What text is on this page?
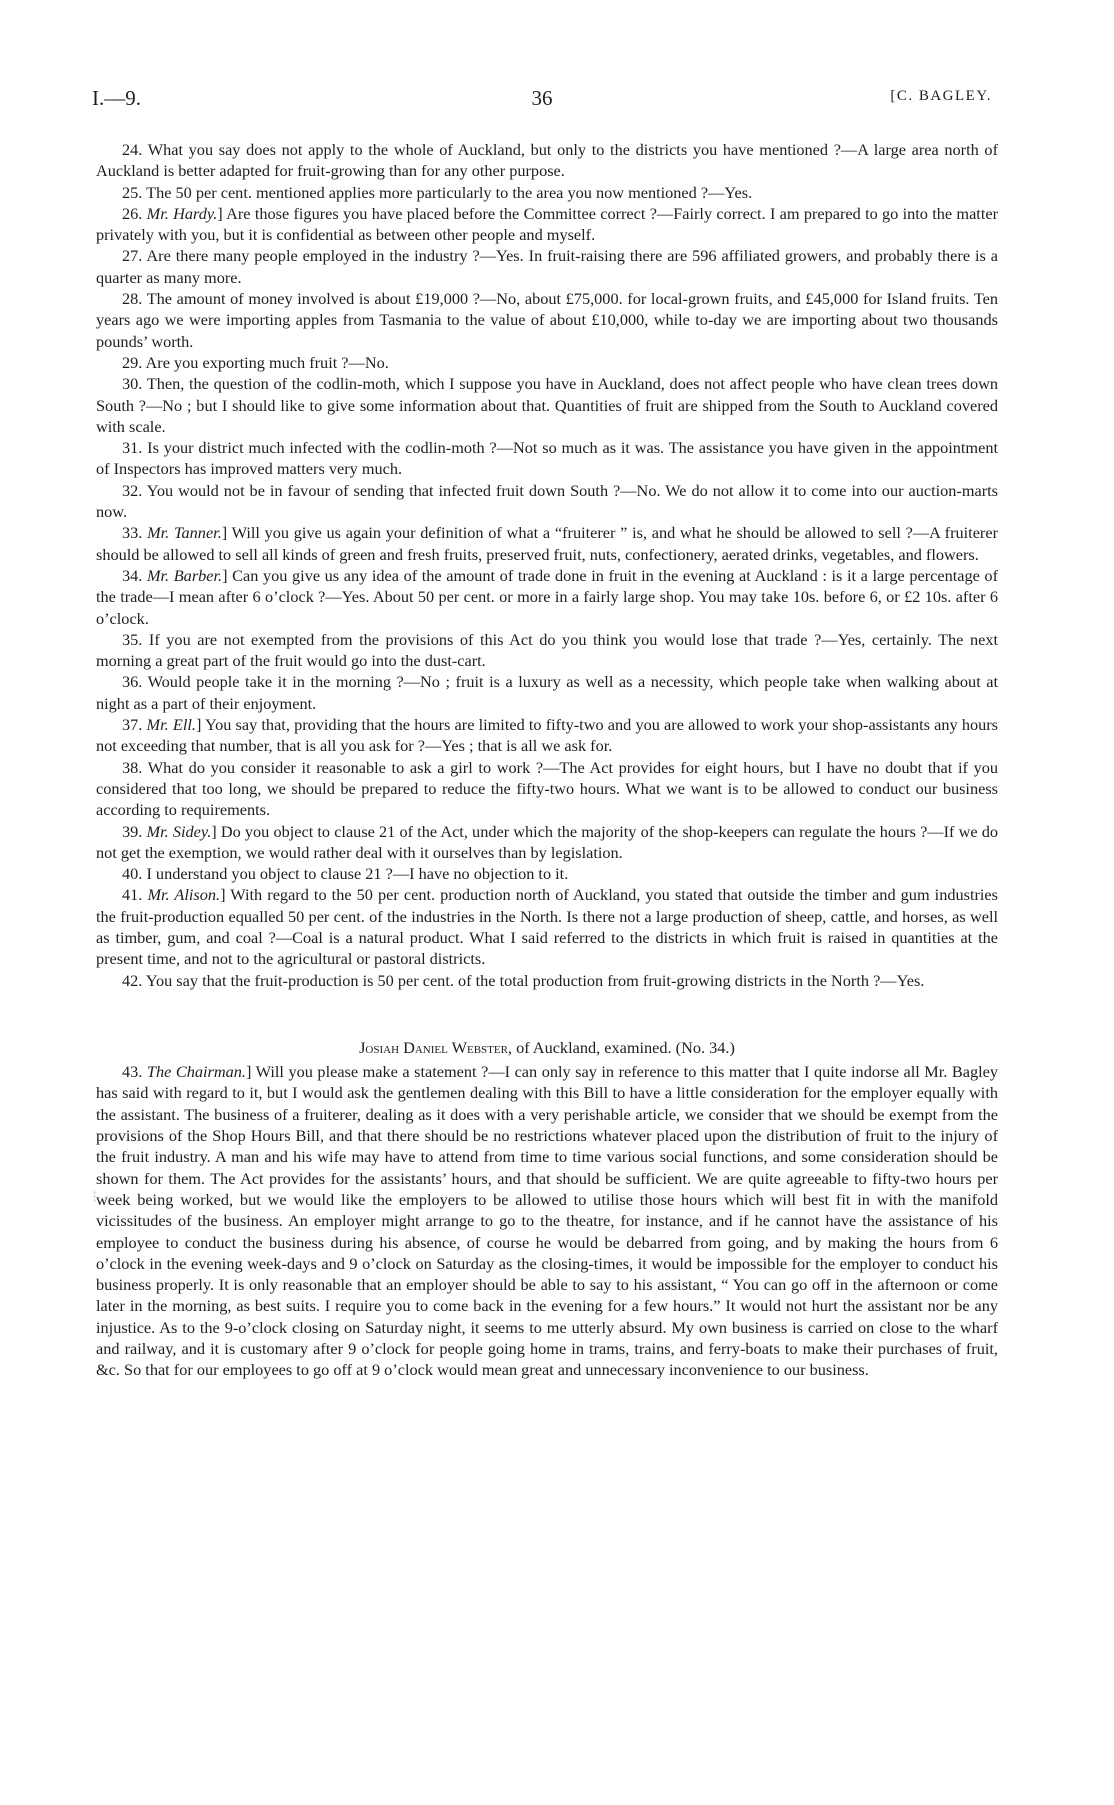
I.—9.	36	[C. BAGLEY.
⁝

24. What you say does not apply to the whole of Auckland, but only to the districts you have mentioned ?—A large area north of Auckland is better adapted for fruit-growing than for any other purpose.

25. The 50 per cent. mentioned applies more particularly to the area you now mentioned ?—Yes.

26. Mr. Hardy.] Are those figures you have placed before the Committee correct ?—Fairly correct. I am prepared to go into the matter privately with you, but it is confidential as between other people and myself.

27. Are there many people employed in the industry ?—Yes. In fruit-raising there are 596 affiliated growers, and probably there is a quarter as many more.

28. The amount of money involved is about £19,000 ?—No, about £75,000. for local-grown fruits, and £45,000 for Island fruits. Ten years ago we were importing apples from Tasmania to the value of about £10,000, while to-day we are importing about two thousands pounds’ worth.

29. Are you exporting much fruit ?—No.

30. Then, the question of the codlin-moth, which I suppose you have in Auckland, does not affect people who have clean trees down South ?—No ; but I should like to give some information about that. Quantities of fruit are shipped from the South to Auckland covered with scale.

31. Is your district much infected with the codlin-moth ?—Not so much as it was. The assistance you have given in the appointment of Inspectors has improved matters very much.

32. You would not be in favour of sending that infected fruit down South ?—No. We do not allow it to come into our auction-marts now.

33. Mr. Tanner.] Will you give us again your definition of what a “fruiterer ” is, and what he should be allowed to sell ?—A fruiterer should be allowed to sell all kinds of green and fresh fruits, preserved fruit, nuts, confectionery, aerated drinks, vegetables, and flowers.

34. Mr. Barber.] Can you give us any idea of the amount of trade done in fruit in the evening at Auckland : is it a large percentage of the trade—I mean after 6 o’clock ?—Yes. About 50 per cent. or more in a fairly large shop. You may take 10s. before 6, or £2 10s. after 6 o’clock.

35. If you are not exempted from the provisions of this Act do you think you would lose that trade ?—Yes, certainly. The next morning a great part of the fruit would go into the dust-cart.

36. Would people take it in the morning ?—No ; fruit is a luxury as well as a necessity, which people take when walking about at night as a part of their enjoyment.

37. Mr. Ell.] You say that, providing that the hours are limited to fifty-two and you are allowed to work your shop-assistants any hours not exceeding that number, that is all you ask for ?—Yes ; that is all we ask for.

38. What do you consider it reasonable to ask a girl to work ?—The Act provides for eight hours, but I have no doubt that if you considered that too long, we should be prepared to reduce the fifty-two hours. What we want is to be allowed to conduct our business according to requirements.

39. Mr. Sidey.] Do you object to clause 21 of the Act, under which the majority of the shop-keepers can regulate the hours ?—If we do not get the exemption, we would rather deal with it ourselves than by legislation.

40. I understand you object to clause 21 ?—I have no objection to it.

41. Mr. Alison.] With regard to the 50 per cent. production north of Auckland, you stated that outside the timber and gum industries the fruit-production equalled 50 per cent. of the industries in the North. Is there not a large production of sheep, cattle, and horses, as well as timber, gum, and coal ?—Coal is a natural product. What I said referred to the districts in which fruit is raised in quantities at the present time, and not to the agricultural or pastoral districts.

42. You say that the fruit-production is 50 per cent. of the total production from fruit-growing districts in the North ?—Yes.

Josiah Daniel Webster, of Auckland, examined. (No. 34.)

43. The Chairman.] Will you please make a statement ?—I can only say in reference to this matter that I quite indorse all Mr. Bagley has said with regard to it, but I would ask the gentlemen dealing with this Bill to have a little consideration for the employer equally with the assistant. The business of a fruiterer, dealing as it does with a very perishable article, we consider that we should be exempt from the provisions of the Shop Hours Bill, and that there should be no restrictions whatever placed upon the distribution of fruit to the injury of the fruit industry. A man and his wife may have to attend from time to time various social functions, and some consideration should be shown for them. The Act provides for the assistants’ hours, and that should be sufficient. We are quite agreeable to fifty-two hours per week being worked, but we would like the employers to be allowed to utilise those hours which will best fit in with the manifold vicissitudes of the business. An employer might arrange to go to the theatre, for instance, and if he cannot have the assistance of his employee to conduct the business during his absence, of course he would be debarred from going, and by making the hours from 6 o’clock in the evening week-days and 9 o’clock on Saturday as the closing-times, it would be impossible for the employer to conduct his business properly. It is only reasonable that an employer should be able to say to his assistant, “ You can go off in the afternoon or come later in the morning, as best suits. I require you to come back in the evening for a few hours.” It would not hurt the assistant nor be any injustice. As to the 9-o’clock closing on Saturday night, it seems to me utterly absurd. My own business is carried on close to the wharf and railway, and it is customary after 9 o’clock for people going home in trams, trains, and ferry-boats to make their purchases of fruit, &c. So that for our employees to go off at 9 o’clock would mean great and unnecessary inconvenience to our business.
